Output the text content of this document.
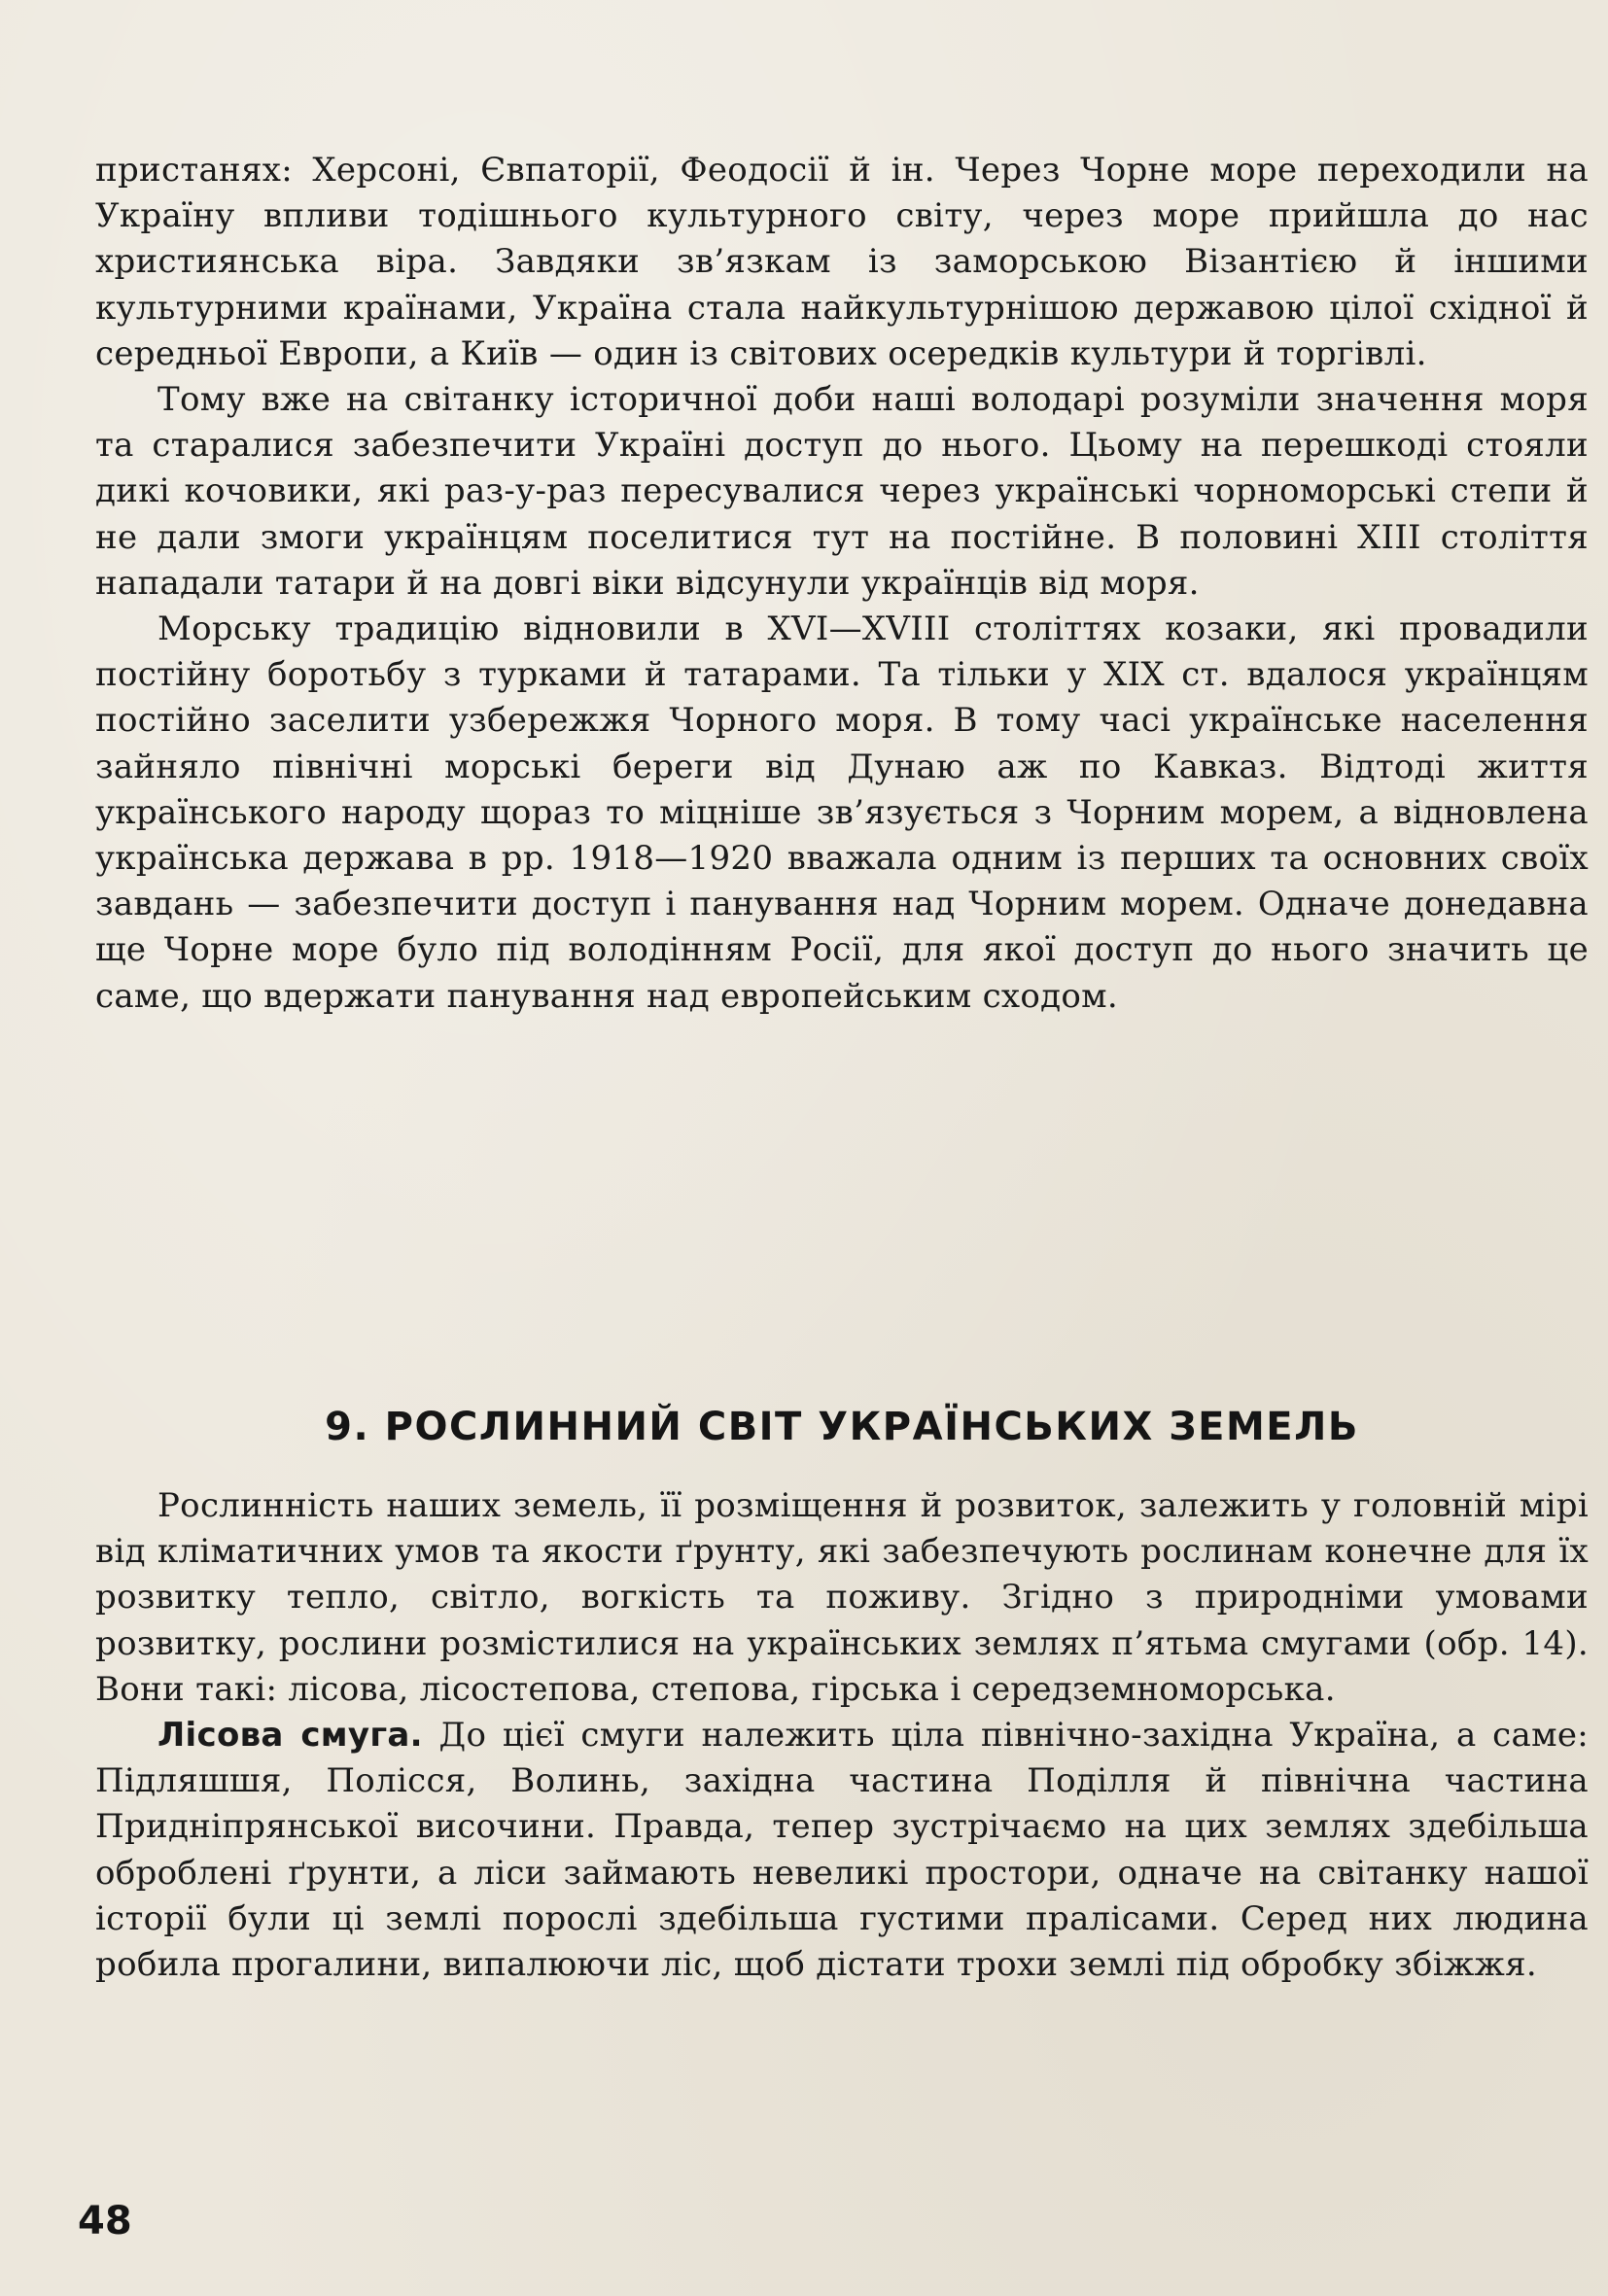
пристанях: Херсоні, Євпаторії, Феодосії й ін. Через Чорне море переходили на Україну впливи тодішнього культурного світу, через море прийшла до нас християнська віра. Завдяки зв’язкам із заморською Візантією й іншими культурними країнами, Україна стала найкультурнішою державою цілої східної й середньої Европи, а Київ — один із світових осередків культури й торгівлі.

Тому вже на світанку історичної доби наші володарі розуміли значення моря та старалися забезпечити Україні доступ до нього. Цьому на перешкоді стояли дикі кочовики, які раз-у-раз пересувалися через українські чорноморські степи й не дали змоги українцям поселитися тут на постійне. В половині XIII століття нападали татари й на довгі віки відсунули українців від моря.

Морську традицію відновили в XVI—XVIII століттях козаки, які провадили постійну боротьбу з турками й татарами. Та тільки у XIX ст. вдалося українцям постійно заселити узбережжя Чорного моря. В тому часі українське населення зайняло північні морські береги від Дунаю аж по Кавказ. Відтоді життя українського народу щораз то міцніше зв’язується з Чорним морем, а відновлена українська держава в рр. 1918—1920 вважала одним із перших та основних своїх завдань — забезпечити доступ і панування над Чорним морем. Одначе донедавна ще Чорне море було під володінням Росії, для якої доступ до нього значить це саме, що вдержати панування над европейським сходом.

9. РОСЛИННИЙ СВІТ УКРАЇНСЬКИХ ЗЕМЕЛЬ

Рослинність наших земель, її розміщення й розвиток, залежить у головній мірі від кліматичних умов та якости ґрунту, які забезпечують рослинам конечне для їх розвитку тепло, світло, вогкість та поживу. Згідно з природніми умовами розвитку, рослини розмістилися на українських землях п’ятьма смугами (обр. 14). Вони такі: лісова, лісостепова, степова, гірська і середземноморська.

Лісова смуга. До цієї смуги належить ціла північно-західна Україна, а саме: Підляшшя, Полісся, Волинь, західна частина Поділля й північна частина Придніпрянської височини. Правда, тепер зустрічаємо на цих землях здебільша оброблені ґрунти, а ліси займають невеликі простори, одначе на світанку нашої історії були ці землі порослі здебільша густими пралісами. Серед них людина робила прогалини, випалюючи ліс, щоб дістати трохи землі під обробку збіжжя.

48
